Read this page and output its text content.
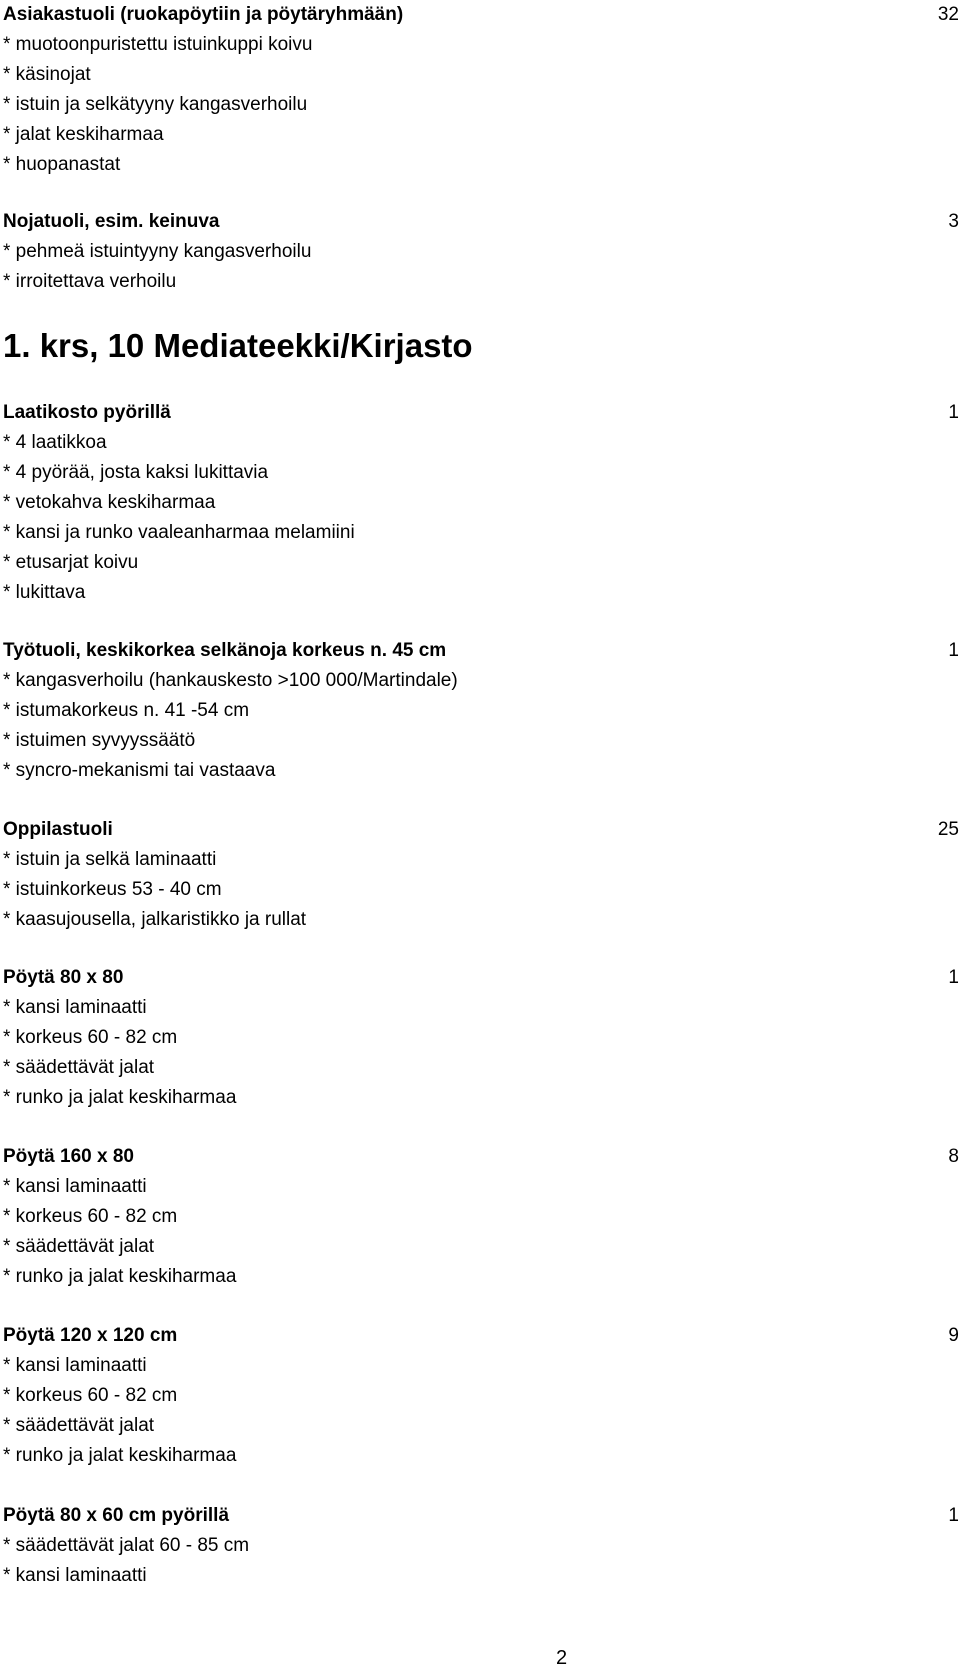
Asiakastuoli (ruokapöytiin ja pöytäryhmään)	32
* muotoonpuristettu istuinkuppi koivu
* käsinojat
* istuin ja selkätyyny kangasverhoilu
* jalat keskiharmaa
* huopanastat
Nojatuoli, esim. keinuva	3
* pehmeä istuintyyny kangasverhoilu
* irroitettava verhoilu
1. krs, 10 Mediateekki/Kirjasto
Laatikosto pyörillä	1
* 4 laatikkoa
* 4 pyörää, josta kaksi lukittavia
* vetokahva keskiharmaa
* kansi ja runko vaaleanharmaa melamiini
* etusarjat koivu
* lukittava
Työtuoli, keskikorkea selkänoja korkeus n. 45 cm	1
* kangasverhoilu (hankauskesto >100 000/Martindale)
* istumakorkeus n. 41 -54 cm
* istuimen syvyyssäätö
* syncro-mekanismi tai vastaava
Oppilastuoli	25
* istuin ja selkä laminaatti
* istuinkorkeus 53 - 40 cm
* kaasujousella, jalkaristikko ja rullat
Pöytä 80 x 80	1
* kansi laminaatti
* korkeus 60 - 82 cm
* säädettävät jalat
* runko ja jalat keskiharmaa
Pöytä 160 x 80	8
* kansi laminaatti
* korkeus 60 - 82 cm
* säädettävät jalat
* runko ja jalat keskiharmaa
Pöytä 120 x 120 cm	9
* kansi laminaatti
* korkeus 60 - 82 cm
* säädettävät jalat
* runko ja jalat keskiharmaa
Pöytä 80 x 60 cm pyörillä	1
* säädettävät jalat 60 - 85 cm
* kansi laminaatti
2
